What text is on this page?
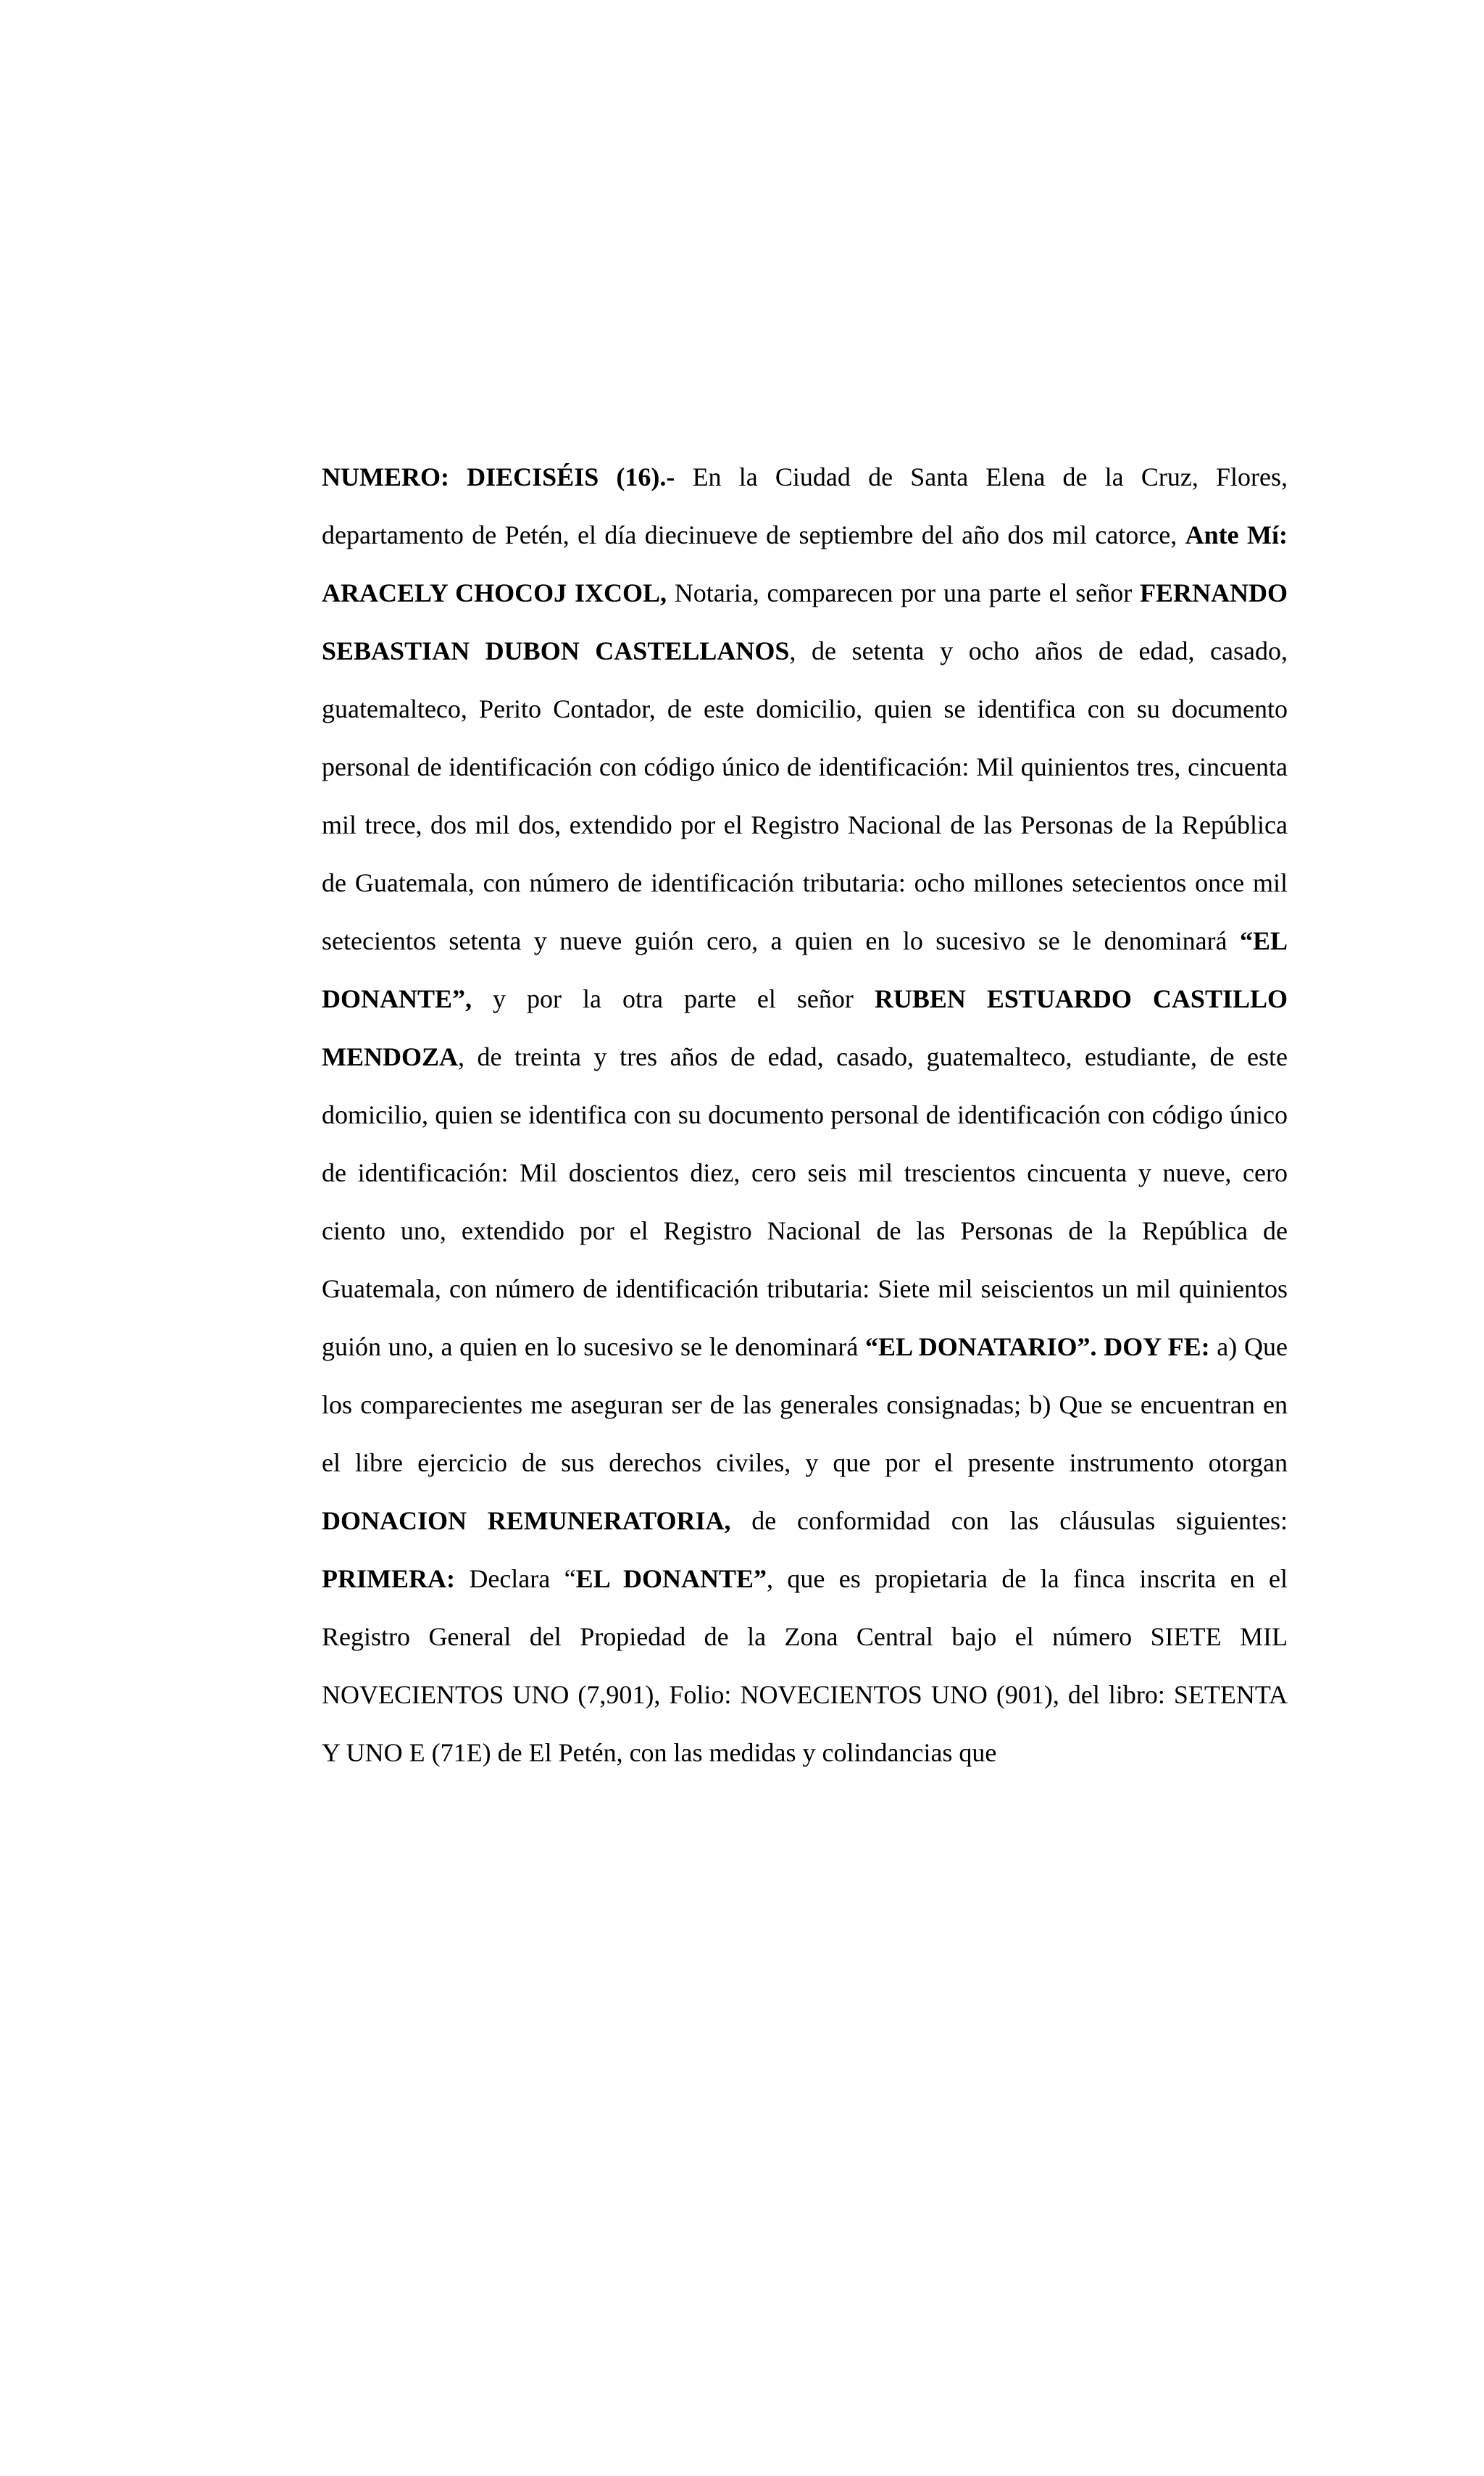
NUMERO: DIECISÉIS (16).- En la Ciudad de Santa Elena de la Cruz, Flores, departamento de Petén, el día diecinueve de septiembre del año dos mil catorce, Ante Mí: ARACELY CHOCOJ IXCOL, Notaria, comparecen por una parte el señor FERNANDO SEBASTIAN DUBON CASTELLANOS, de setenta y ocho años de edad, casado, guatemalteco, Perito Contador, de este domicilio, quien se identifica con su documento personal de identificación con código único de identificación: Mil quinientos tres, cincuenta mil trece, dos mil dos, extendido por el Registro Nacional de las Personas de la República de Guatemala, con número de identificación tributaria: ocho millones setecientos once mil setecientos setenta y nueve guión cero, a quien en lo sucesivo se le denominará “EL DONANTE”, y por la otra parte el señor RUBEN ESTUARDO CASTILLO MENDOZA, de treinta y tres años de edad, casado, guatemalteco, estudiante, de este domicilio, quien se identifica con su documento personal de identificación con código único de identificación: Mil doscientos diez, cero seis mil trescientos cincuenta y nueve, cero ciento uno, extendido por el Registro Nacional de las Personas de la República de Guatemala, con número de identificación tributaria: Siete mil seiscientos un mil quinientos guión uno, a quien en lo sucesivo se le denominará “EL DONATARIO”. DOY FE: a) Que los comparecientes me aseguran ser de las generales consignadas; b) Que se encuentran en el libre ejercicio de sus derechos civiles, y que por el presente instrumento otorgan DONACION REMUNERATORIA, de conformidad con las cláusulas siguientes: PRIMERA: Declara “EL DONANTE”, que es propietaria de la finca inscrita en el Registro General del Propiedad de la Zona Central bajo el número SIETE MIL NOVECIENTOS UNO (7,901), Folio: NOVECIENTOS UNO (901), del libro: SETENTA Y UNO E (71E) de El Petén, con las medidas y colindancias que
